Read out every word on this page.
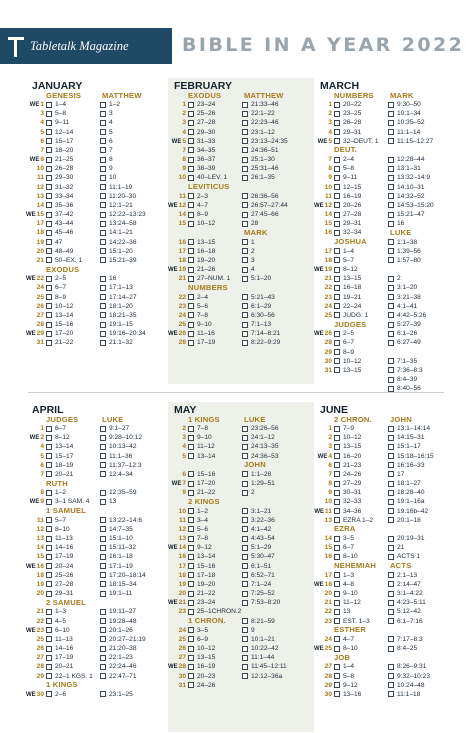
Tabletalk Magazine	BIBLE IN A YEAR 2022
JANUARY
GENESIS
WE1 1–4
3 5–8
4 9–11
5 12–14
6 15–17
7 18–20
WE8 21–25
10 26–28
11 29–30
12 31–32
13 33–34
14 35–36
WE15 37–42
17 43–44
18 45–46
19 47
20 48–49
21 50–EX. 1
EXODUS
WE22 2–5
24 6–7
25 8–9
26 10–12
27 13–14
28 15–16
WE29 17–20
31 21–22
MATTHEW
1–2
3
4
5
6
7
8
9
10
11:1–19
11:20–30
12:1–21
12:22–13:23
13:24–58
14:1–21
14:22–36
15:1–20
15:21–39
16
17:1–13
17:14–27
18:1–20
18:21–35
19:1–15
19:16–20:34
21:1–32
FEBRUARY
EXODUS
1 23–24
2 25–26
3 27–28
4 29–30
WE5 31–33
7 34–35
8 36–37
9 38–39
10 40–LEV. 1
LEVITICUS
11 2–3
WE12 4–7
14 8–9
15 10–12
16 13–15
17 16–18
18 19–20
WE19 21–26
21 27–NUM. 1
NUMBERS
22 2–4
23 5–6
24 7–8
25 9–10
WE26 11–16
28 17–19
MATTHEW
21:33–46
22:1–22
22:23–46
23:1–12
23:13–24:35
24:36–51
25:1–30
25:31–46
26:1–35
26:36–56
26:57–27:44
27:45–66
28
MARK
1
2
3
4
5:1–20
5:21–43
6:1–29
6:30–56
7:1–13
7:14–8:21
8:22–9:29
MARCH
NUMBERS
1 20–22
2 23–25
3 26–28
4 29–31
WE5 32–DEUT. 1
DEUT.
7 2–4
8 5–8
9 9–11
10 12–15
11 16–19
WE12 20–26
14 27–28
15 29–31
16 32–34
JOSHUA
17 1–4
18 5–7
WE19 8–12
21 13–15
22 16–18
23 19–21
24 22–24
25 JUDG. 1
JUDGES
WE26 2–5
28 6–7
29 8–9
30 10–12
31 13–15
MARK
9:30–50
10:1–34
10:35–52
11:1–14
11:15–12:27
12:28–44
13:1–31
13:32–14:9
14:10–31
14:32–52
14:53–15:20
15:21–47
16
LUKE
1:1–38
1:39–56
1:57–80
2
3:1–20
3:21–38
4:1–41
4:42–5:26
5:27–39
6:1–26
6:27–49
7:1–35
7:36–8:3
8:4–39
8:40–56
APRIL
JUDGES
1 6–7
WE2 8–12
4 13–14
5 15–17
6 18–19
7 20–21
RUTH
8 1–2
WE9 3–1 SAM. 4
1 SAMUEL
11 5–7
12 8–10
13 11–13
14 14–16
15 17–19
WE16 20–24
18 25–26
19 27–28
20 29–31
2 SAMUEL
21 1–3
22 4–5
WE23 6–10
25 11–13
26 14–16
27 17–19
28 20–21
29 22–1 KGS. 1
1 KINGS
WE30 2–6
LUKE
9:1–27
9:28–10:12
10:13–42
11:1–36
11:37–12:3
12:4–34
12:35–59
13
13:22–14:6
14:7–35
15:1–10
15:11–32
16:1–18
17:1–19
17:20–18:14
18:15–34
19:1–11
19:11–27
19:28–48
20:1–26
20:27–21:19
21:20–38
22:1–23
22:24–46
22:47–71
23:1–25
MAY
1 KINGS
2 7–8
3 9–10
4 11–12
5 13–14
6 15–16
WE7 17–20
9 21–22
2 KINGS
10 1–2
11 3–4
12 5–6
13 7–8
WE14 9–12
16 13–14
17 15–16
18 17–18
19 19–20
20 21–22
WE21 23–24
23 25–1CHRON.2
1 CHRON.
24 3–5
25 6–9
26 10–12
27 13–15
WE28 16–19
30 20–23
31 24–26
LUKE
23:26–56
24:1–12
24:13–35
24:36–53
JOHN
1:1–28
1:29–51
2
3:1–21
3:22–36
4:1–42
4:43–54
5:1–29
5:30–47
6:1–51
6:52–71
7:1–24
7:25–52
7:53–8:20
8:21–59
9
10:1–21
10:22–42
11:1–44
11:45–12:11
12:12–36a
JUNE
2 CHRON.
1 7–9
2 10–12
3 13–15
WE4 16–20
6 21–23
7 24–26
8 27–29
9 30–31
10 32–33
WE11 34–36
13 EZRA 1–2
EZRA
14 3–5
15 6–7
16 8–10
NEHEMIAH
17 1–3
WE18 4–8
20 9–10
21 11–12
22 13
23 EST. 1–3
ESTHER
24 4–7
WE25 8–10
JOB
27 1–4
28 5–8
29 9–12
30 13–16
JOHN
13:1–14:14
14:15–31
15:1–17
15:18–16:15
16:16–33
17
18:1–27
18:28–40
19:1–16a
19:16b–42
20:1–18
20:19–31
21
ACTS 1
ACTS
2:1–13
2:14–47
3:1–4:22
4:23–5:11
5:12–42
6:1–7:16
7:17–8:3
8:4–25
8:26–9:31
9:32–10:23
10:24–48
11:1–18
